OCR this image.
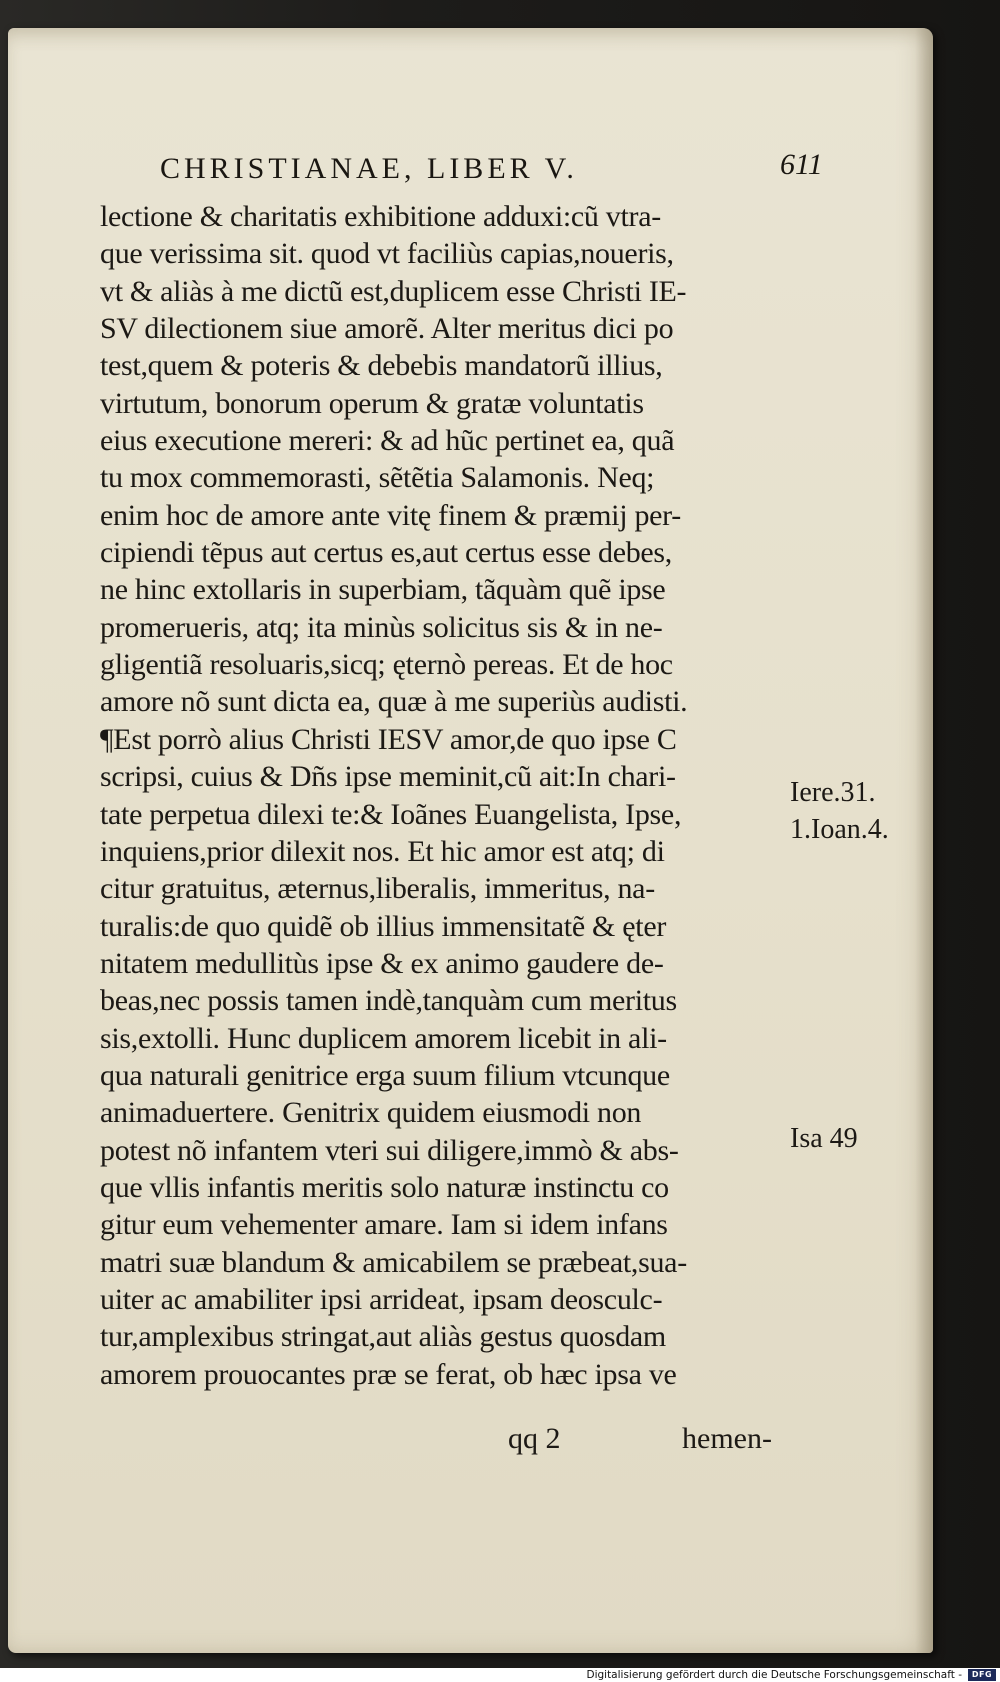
CHRISTIANAE, LIBER V.	611
lectione & charitatis exhibitione adduxi:cũ vtra-
que verissima sit. quod vt faciliùs capias,noueris,
vt & aliàs à me dictũ est,duplicem esse Christi IE-
SV dilectionem siue amorẽ. Alter meritus dici po
test,quem & poteris & debebis mandatorũ illius,
virtutum, bonorum operum & gratæ voluntatis
eius executione mereri: & ad hũc pertinet ea, quã
tu mox commemorasti, sẽtẽtia Salamonis. Neq;
enim hoc de amore ante vitę finem & præmij per-
cipiendi tẽpus aut certus es,aut certus esse debes,
ne hinc extollaris in superbiam, tãquàm quẽ ipse
promerueris, atq; ita minùs solicitus sis & in ne-
gligentiã resoluaris,sicq; ęternò pereas. Et de hoc
amore nõ sunt dicta ea, quæ à me superiùs audisti.
¶Est porrò alius Christi IESV amor,de quo ipse C
scripsi, cuius & Dñs ipse meminit,cũ ait:In chari-
tate perpetua dilexi te:& Ioãnes Euangelista, Ipse,
inquiens,prior dilexit nos. Et hic amor est atq; di
citur gratuitus, æternus,liberalis, immeritus, na-
turalis:de quo quidẽ ob illius immensitatẽ & ęter
nitatem medullitùs ipse & ex animo gaudere de-
beas,nec possis tamen indè,tanquàm cum meritus
sis,extolli. Hunc duplicem amorem licebit in ali-
qua naturali genitrice erga suum filium vtcunque
animaduertere. Genitrix quidem eiusmodi non
potest nõ infantem vteri sui diligere,immò & abs-
que vllis infantis meritis solo naturæ instinctu co
gitur eum vehementer amare. Iam si idem infans
matri suæ blandum & amicabilem se præbeat,sua-
uiter ac amabiliter ipsi arrideat, ipsam deosculc-
tur,amplexibus stringat,aut aliàs gestus quosdam
amorem prouocantes præ se ferat, ob hæc ipsa ve
Iere.31.
1.Ioan.4.
Isa 49
qq 2	hemen-
Digitalisierung gefördert durch die Deutsche Forschungsgemeinschaft -	DFG
